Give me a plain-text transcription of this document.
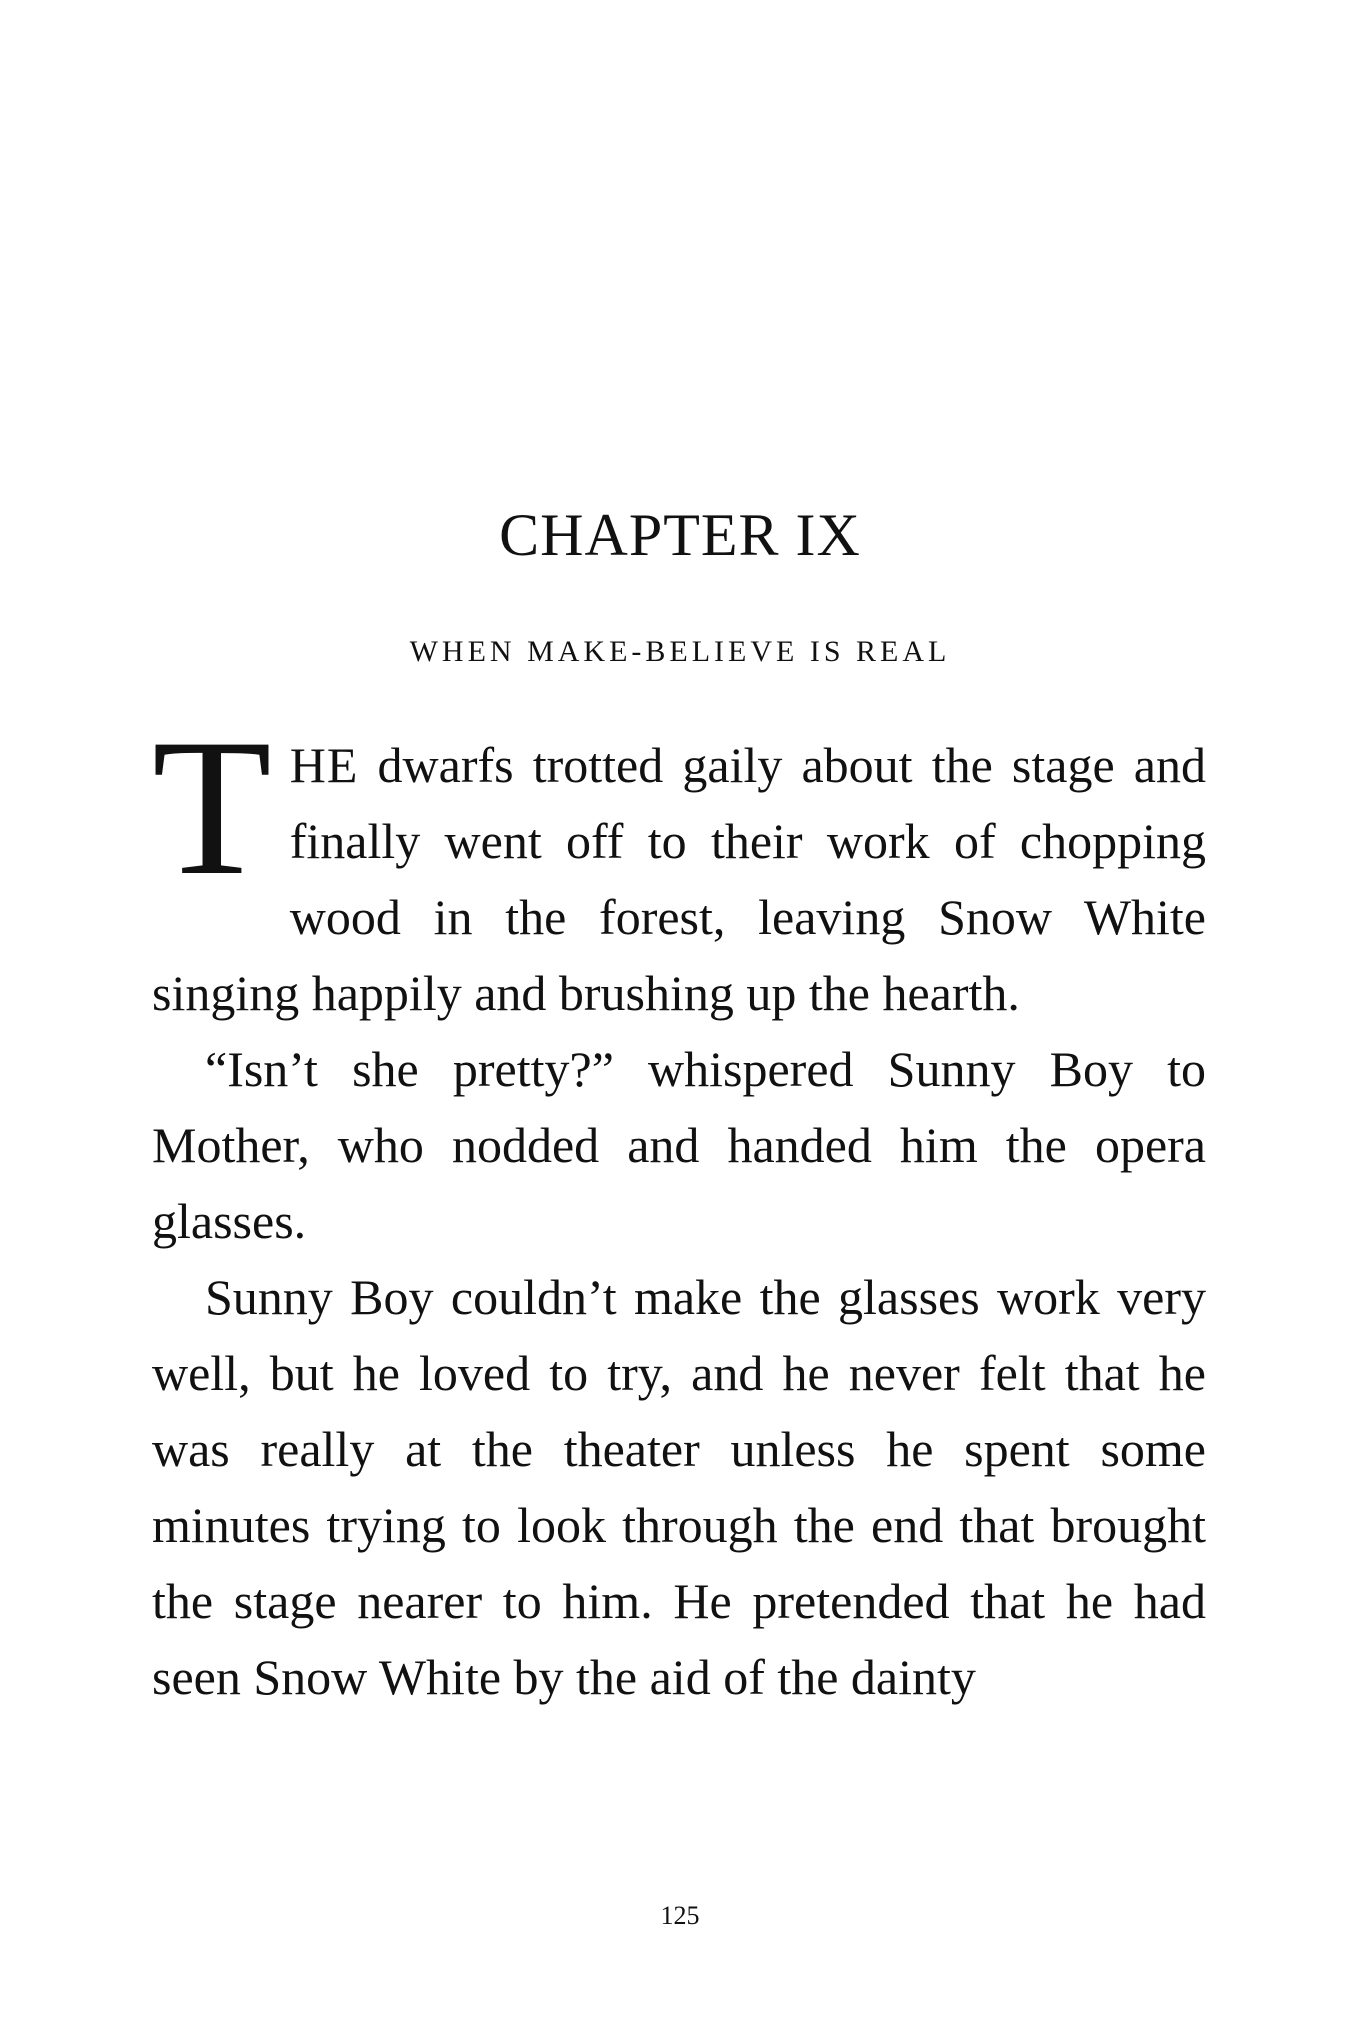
CHAPTER IX
WHEN MAKE-BELIEVE IS REAL

THE dwarfs trotted gaily about the stage and finally went off to their work of chopping wood in the forest, leaving Snow White singing happily and brushing up the hearth.

“Isn’t she pretty?” whispered Sunny Boy to Mother, who nodded and handed him the opera glasses.

Sunny Boy couldn’t make the glasses work very well, but he loved to try, and he never felt that he was really at the theater unless he spent some minutes trying to look through the end that brought the stage nearer to him. He pretended that he had seen Snow White by the aid of the dainty

125
